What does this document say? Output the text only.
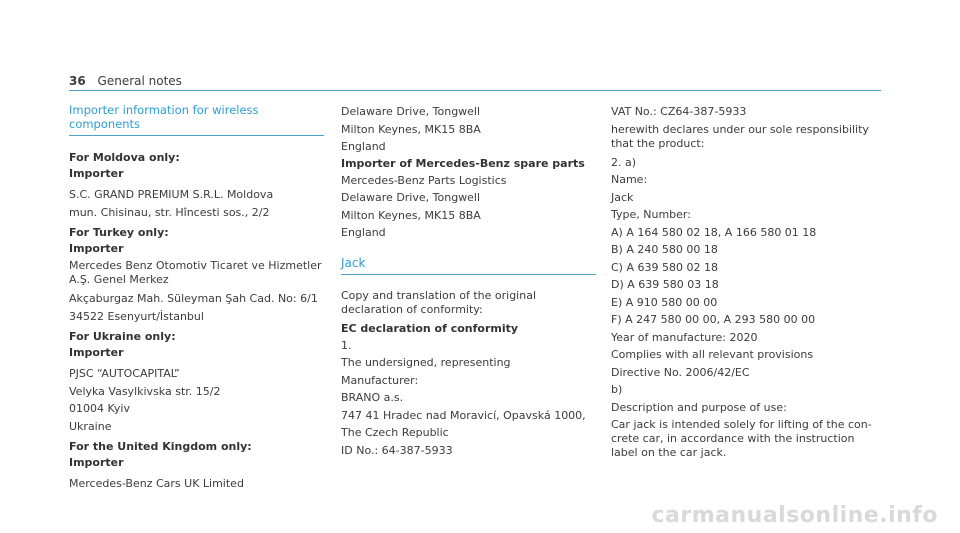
36 General notes
Importer information for wireless components
For Moldova only:
Importer
S.C. GRAND PREMIUM S.R.L. Moldova
mun. Chisinau, str. Hîncesti sos., 2/2
For Turkey only:
Importer
Mercedes Benz Otomotiv Ticaret ve Hizmetler A.Ş. Genel Merkez
Akçaburgaz Mah. Süleyman Şah Cad. No: 6/1
34522 Esenyurt/İstanbul
For Ukraine only:
Importer
PJSC “AUTOCAPITAL”
Velyka Vasylkivska str. 15/2
01004 Kyiv
Ukraine
For the United Kingdom only:
Importer
Mercedes-Benz Cars UK Limited
Delaware Drive, Tongwell
Milton Keynes, MK15 8BA
England
Importer of Mercedes-Benz spare parts
Mercedes-Benz Parts Logistics
Delaware Drive, Tongwell
Milton Keynes, MK15 8BA
England
Jack
Copy and translation of the original declaration of conformity:
EC declaration of conformity
1.
The undersigned, representing
Manufacturer:
BRANO a.s.
747 41 Hradec nad Moravicí, Opavská 1000,
The Czech Republic
ID No.: 64-387-5933
VAT No.: CZ64-387-5933
herewith declares under our sole responsibility that the product:
2. a)
Name:
Jack
Type, Number:
A) A 164 580 02 18, A 166 580 01 18
B) A 240 580 00 18
C) A 639 580 02 18
D) A 639 580 03 18
E) A 910 580 00 00
F) A 247 580 00 00, A 293 580 00 00
Year of manufacture: 2020
Complies with all relevant provisions
Directive No. 2006/42/EC
b)
Description and purpose of use:
Car jack is intended solely for lifting of the con- crete car, in accordance with the instruction label on the car jack.
carmanualsonline.info
